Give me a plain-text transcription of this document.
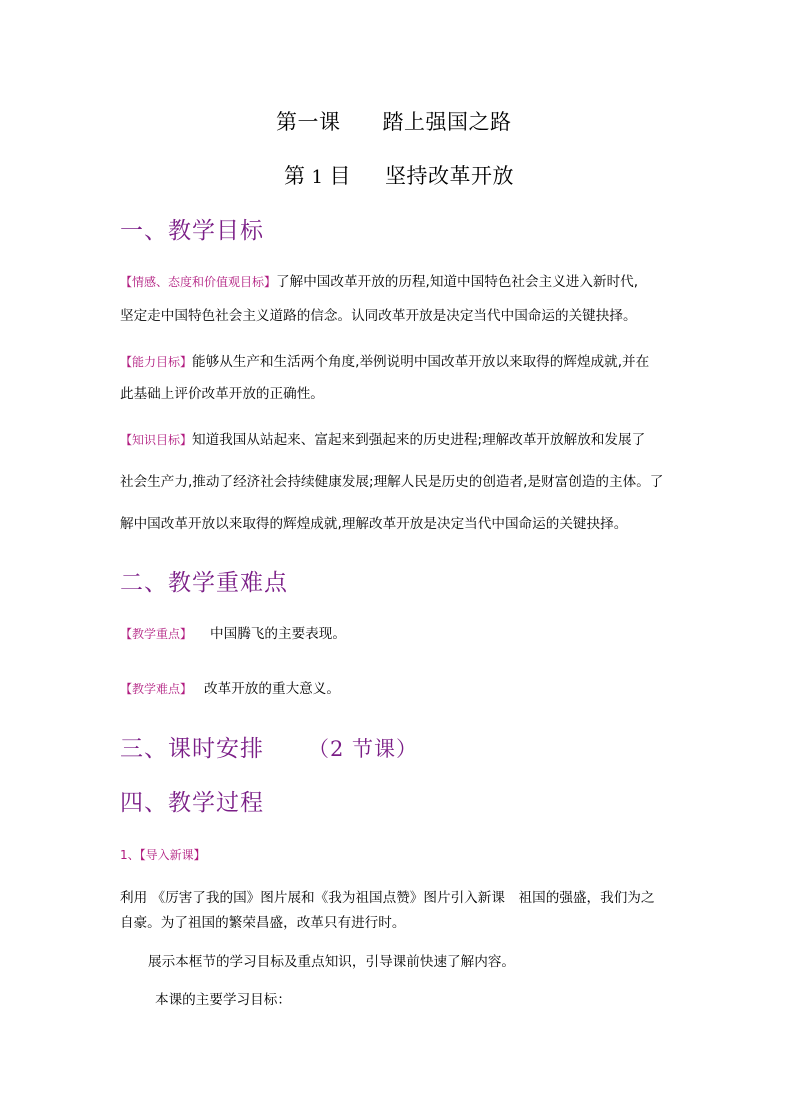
第一课 踏上强国之路
第 1 目 坚持改革开放
一、教学目标
【情感、态度和价值观目标】了解中国改革开放的历程,知道中国特色社会主义进入新时代,
坚定走中国特色社会主义道路的信念。认同改革开放是决定当代中国命运的关键抉择。
【能力目标】能够从生产和生活两个角度,举例说明中国改革开放以来取得的辉煌成就,并在
此基础上评价改革开放的正确性。
【知识目标】知道我国从站起来、富起来到强起来的历史进程;理解改革开放解放和发展了
社会生产力,推动了经济社会持续健康发展;理解人民是历史的创造者,是财富创造的主体。了
解中国改革开放以来取得的辉煌成就,理解改革开放是决定当代中国命运的关键抉择。
二、教学重难点
【教学重点】 中国腾飞的主要表现。
【教学难点】 改革开放的重大意义。
三、课时安排 （2 节课）
四、教学过程
1、【导入新课】
利用 《厉害了我的国》图片展和《我为祖国点赞》图片引入新课　祖国的强盛，我们为之
自豪。为了祖国的繁荣昌盛，改革只有进行时。
展示本框节的学习目标及重点知识，引导课前快速了解内容。
本课的主要学习目标：
